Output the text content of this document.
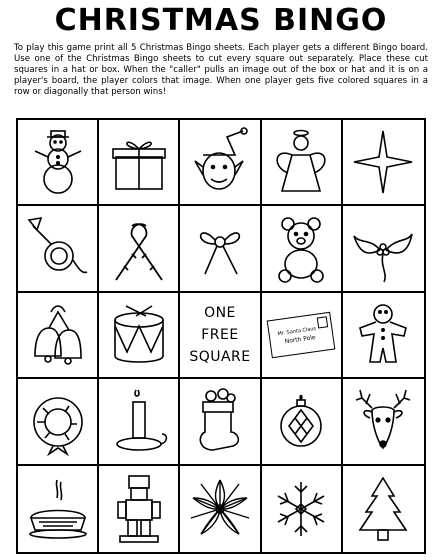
CHRISTMAS BINGO
To play this game print all 5 Christmas Bingo sheets. Each player gets a different Bingo board. Use one of the Christmas Bingo sheets to cut every square out separately. Place these cut squares in a hat or box. When the "caller" pulls an image out of the box or hat and it is on a player's board, the player colors that image. When one player gets five colored squares in a row or diagonally that person wins!
ONE
FREE
SQUARE
Mr. Santa Claus
North Pole
